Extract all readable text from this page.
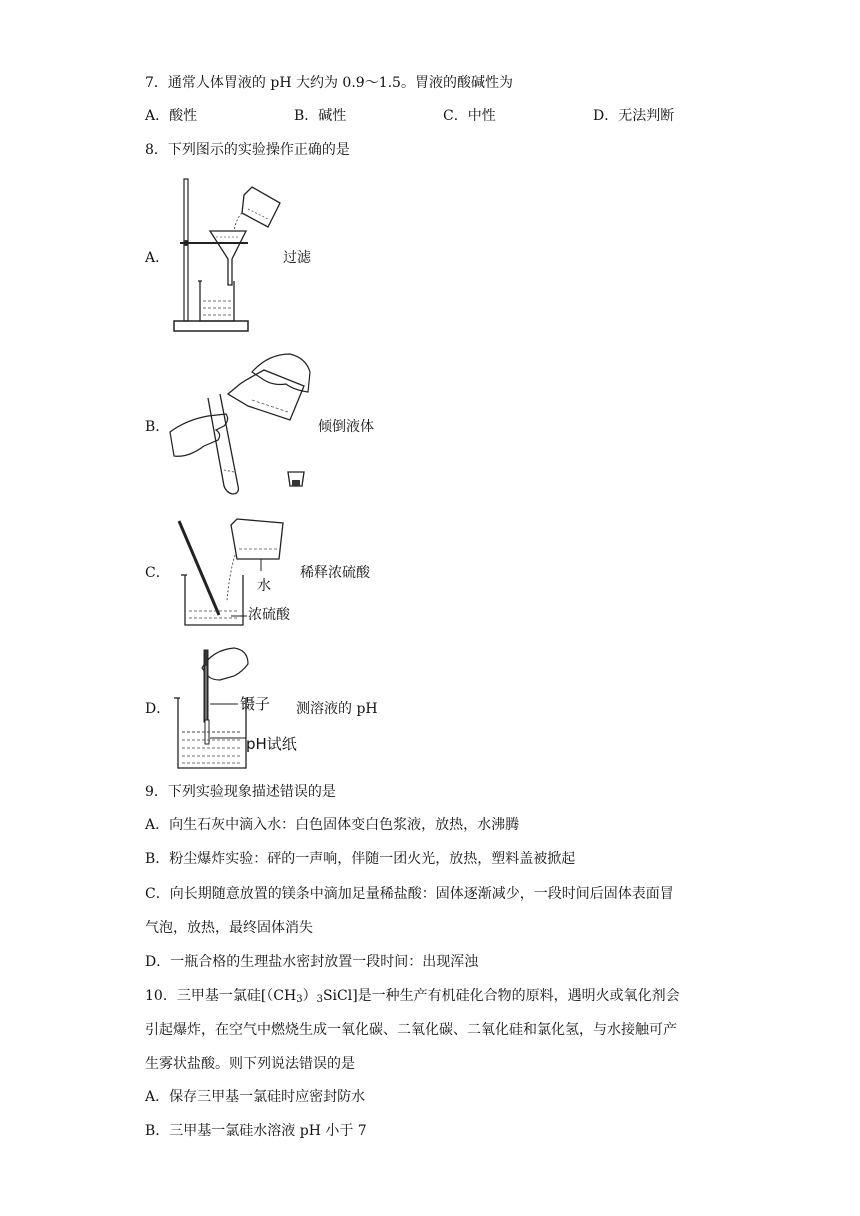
7．通常人体胃液的 pH 大约为 0.9～1.5。胃液的酸碱性为
A．酸性	B．碱性	C．中性	D．无法判断
8．下列图示的实验操作正确的是
A．	过滤
B．	倾倒液体
C．
水
浓硫酸
稀释浓硫酸
D．	镊子
pH试纸
测溶液的 pH
9．下列实验现象描述错误的是
A．向生石灰中滴入水：白色固体变白色浆液，放热，水沸腾
B．粉尘爆炸实验：砰的一声响，伴随一团火光，放热，塑料盖被掀起
C．向长期随意放置的镁条中滴加足量稀盐酸：固体逐渐减少，一段时间后固体表面冒
气泡，放热，最终固体消失
D．一瓶合格的生理盐水密封放置一段时间：出现浑浊
10．三甲基一氯硅$[(CH_3)_3SiCl]$是一种生产有机硅化合物的原料，遇明火或氧化剂会
引起爆炸，在空气中燃烧生成一氧化碳、二氧化碳、二氧化硅和氯化氢，与水接触可产
生雾状盐酸。则下列说法错误的是
A．保存三甲基一氯硅时应密封防水
B．三甲基一氯硅水溶液 pH 小于 7
